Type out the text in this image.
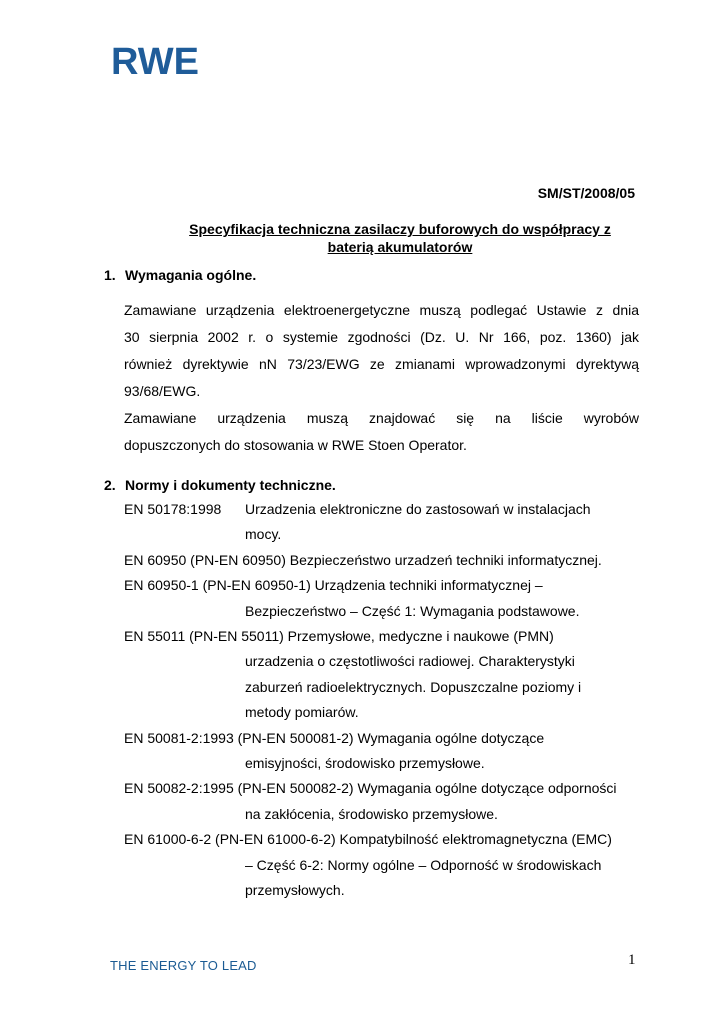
RWE
SM/ST/2008/05
Specyfikacja techniczna zasilaczy buforowych do współpracy z
baterią akumulatorów
1. Wymagania ogólne.
Zamawiane urządzenia elektroenergetyczne muszą podlegać Ustawie z dnia
30 sierpnia 2002 r. o systemie zgodności (Dz. U. Nr 166, poz. 1360) jak
również dyrektywie nN 73/23/EWG ze zmianami wprowadzonymi dyrektywą
93/68/EWG.
Zamawiane urządzenia muszą znajdować się na liście wyrobów
dopuszczonych do stosowania w RWE Stoen Operator.
2. Normy i dokumenty techniczne.
EN 50178:1998 Urzadzenia elektroniczne do zastosowań w instalacjach
mocy.
EN 60950 (PN-EN 60950) Bezpieczeństwo urzadzeń techniki informatycznej.
EN 60950-1 (PN-EN 60950-1) Urządzenia techniki informatycznej –
Bezpieczeństwo – Część 1: Wymagania podstawowe.
EN 55011 (PN-EN 55011) Przemysłowe, medyczne i naukowe (PMN)
urzadzenia o częstotliwości radiowej. Charakterystyki
zaburzeń radioelektrycznych. Dopuszczalne poziomy i
metody pomiarów.
EN 50081-2:1993 (PN-EN 500081-2) Wymagania ogólne dotyczące
emisyjności, środowisko przemysłowe.
EN 50082-2:1995 (PN-EN 500082-2) Wymagania ogólne dotyczące odporności
na zakłócenia, środowisko przemysłowe.
EN 61000-6-2 (PN-EN 61000-6-2) Kompatybilność elektromagnetyczna (EMC)
– Część 6-2: Normy ogólne – Odporność w środowiskach
przemysłowych.
1
THE ENERGY TO LEAD
